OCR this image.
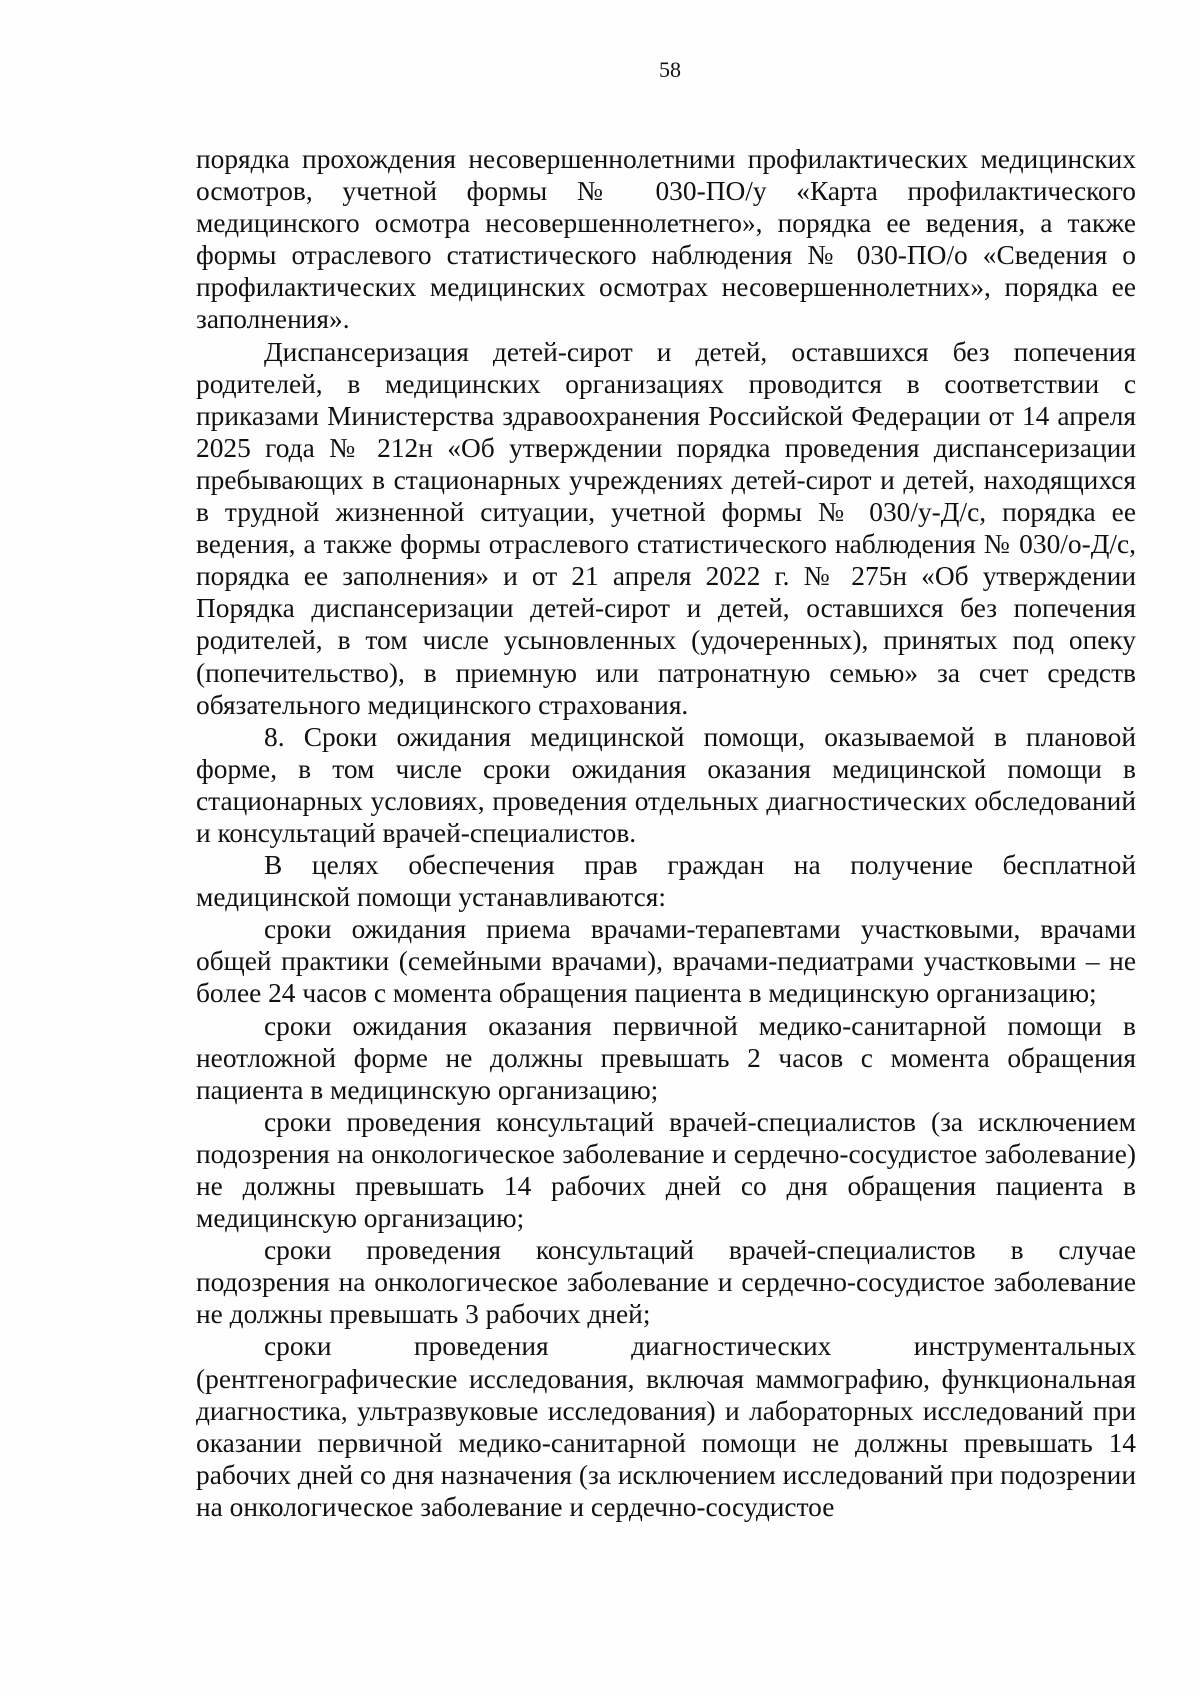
58

порядка прохождения несовершеннолетними профилактических медицинских осмотров, учетной формы № 030-ПО/у «Карта профилактического медицинского осмотра несовершеннолетнего», порядка ее ведения, а также формы отраслевого статистического наблюдения № 030-ПО/о «Сведения о профилактических медицинских осмотрах несовершеннолетних», порядка ее заполнения».

Диспансеризация детей-сирот и детей, оставшихся без попечения родителей, в медицинских организациях проводится в соответствии с приказами Министерства здравоохранения Российской Федерации от 14 апреля 2025 года № 212н «Об утверждении порядка проведения диспансеризации пребывающих в стационарных учреждениях детей-сирот и детей, находящихся в трудной жизненной ситуации, учетной формы № 030/у-Д/с, порядка ее ведения, а также формы отраслевого статистического наблюдения № 030/о-Д/с, порядка ее заполнения» и от 21 апреля 2022 г. № 275н «Об утверждении Порядка диспансеризации детей-сирот и детей, оставшихся без попечения родителей, в том числе усыновленных (удочеренных), принятых под опеку (попечительство), в приемную или патронатную семью» за счет средств обязательного медицинского страхования.

8. Сроки ожидания медицинской помощи, оказываемой в плановой форме, в том числе сроки ожидания оказания медицинской помощи в стационарных условиях, проведения отдельных диагностических обследований и консультаций врачей-специалистов.

В целях обеспечения прав граждан на получение бесплатной медицинской помощи устанавливаются:

сроки ожидания приема врачами-терапевтами участковыми, врачами общей практики (семейными врачами), врачами-педиатрами участковыми – не более 24 часов с момента обращения пациента в медицинскую организацию;

сроки ожидания оказания первичной медико-санитарной помощи в неотложной форме не должны превышать 2 часов с момента обращения пациента в медицинскую организацию;

сроки проведения консультаций врачей-специалистов (за исключением подозрения на онкологическое заболевание и сердечно-сосудистое заболевание) не должны превышать 14 рабочих дней со дня обращения пациента в медицинскую организацию;

сроки проведения консультаций врачей-специалистов в случае подозрения на онкологическое заболевание и сердечно-сосудистое заболевание не должны превышать 3 рабочих дней;

сроки проведения диагностических инструментальных (рентгенографические исследования, включая маммографию, функциональная диагностика, ультразвуковые исследования) и лабораторных исследований при оказании первичной медико-санитарной помощи не должны превышать 14 рабочих дней со дня назначения (за исключением исследований при подозрении на онкологическое заболевание и сердечно-сосудистое
